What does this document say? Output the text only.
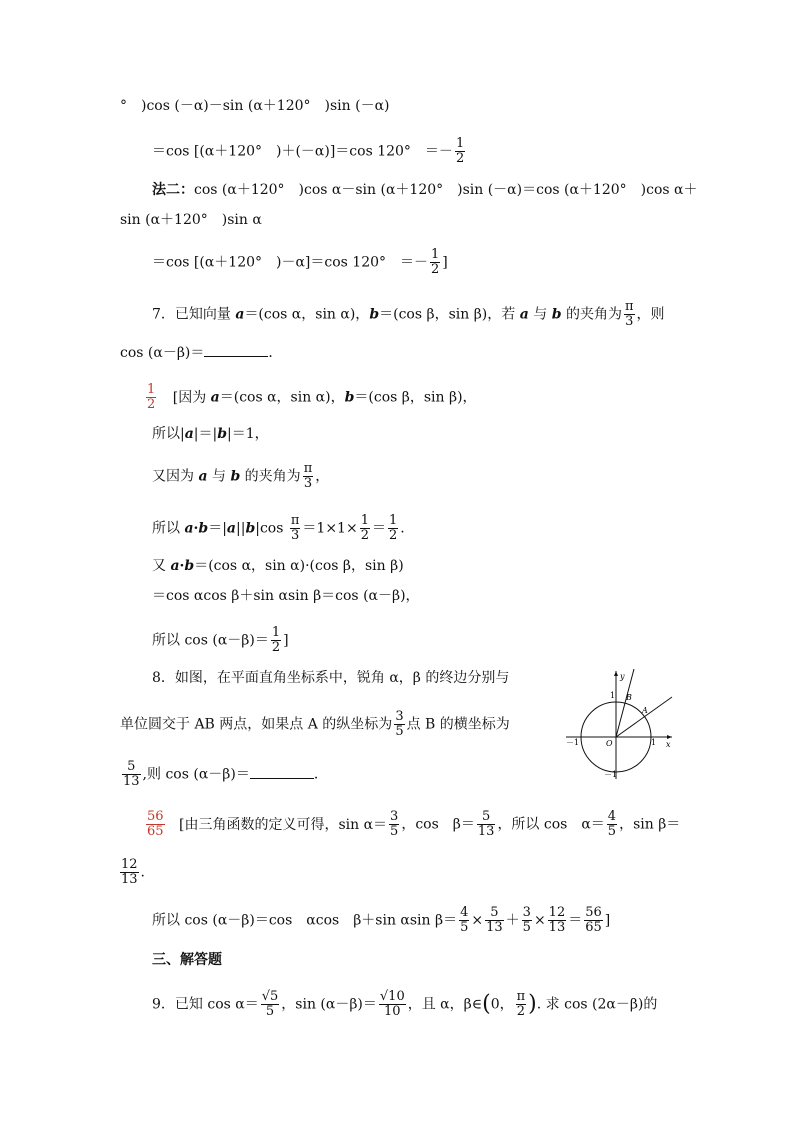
°　)cos (－α)－sin (α＋120°　)sin (－α)
＝cos [(α＋120°　)＋(－α)]＝cos 120°　＝－ $\frac{1}{2}$
法二：cos (α＋120°　)cos α－sin (α＋120°　)sin (－α)＝cos (α＋120°　)cos α＋
sin (α＋120°　)sin α
＝cos [(α＋120°　)－α]＝cos 120°　＝－ $\frac{1}{2}$ ]
7．已知向量 a＝(cos α，sin α)，b＝(cos β，sin β)，若 a 与 b 的夹角为 $\frac{\pi}{3}$ ，则
cos (α－β)＝	．
$\frac{1}{2}$ [因为 a＝(cos α，sin α)，b＝(cos β，sin β)，
所以|a|＝|b|＝1，
又因为 a 与 b 的夹角为 $\frac{\pi}{3}$ ，
所以 $a\cdot b=|a||b|\cos \frac{\pi}{3} =1\times 1\times \frac{1}{2} = \frac{1}{2}$ .
又 a·b＝(cos α，sin α)·(cos β，sin β)
＝cos αcos β＋sin αsin β＝cos (α－β)，
所以 $\cos (\alpha-\beta)= \frac{1}{2}$ ]
8．如图，在平面直角坐标系中，锐角 α，β 的终边分别与
单位圆交于 AB 两点，如果点 A 的纵坐标为 $\frac{3}{5}$ 点 B 的横坐标为
$\frac{5}{13}$ ,则 cos (α－β)＝	．
y
x
O
1
1
－1
－1
A
B
$\frac{56}{65}$ [由三角函数的定义可得，$\sin \alpha= \frac{3}{5}$ ，cos　$\beta= \frac{5}{13}$ ，所以 cos　$\alpha= \frac{4}{5}$ ，sin β＝
$\frac{12}{13}$ .
所以 cos (α－β)＝cos　αcos　β＋sin αsin $\beta= \frac{4}{5} \times \frac{5}{13} + \frac{3}{5} \times \frac{12}{13} = \frac{56}{65}$ ]
三、解答题
9．已知 $\cos \alpha= \frac{√5}{5}$ ，$\sin (\alpha-\beta)= \frac{√10}{10}$ ，且 α，β∈(0， $\frac{\pi}{2}$ ). 求 cos (2α－β)的
